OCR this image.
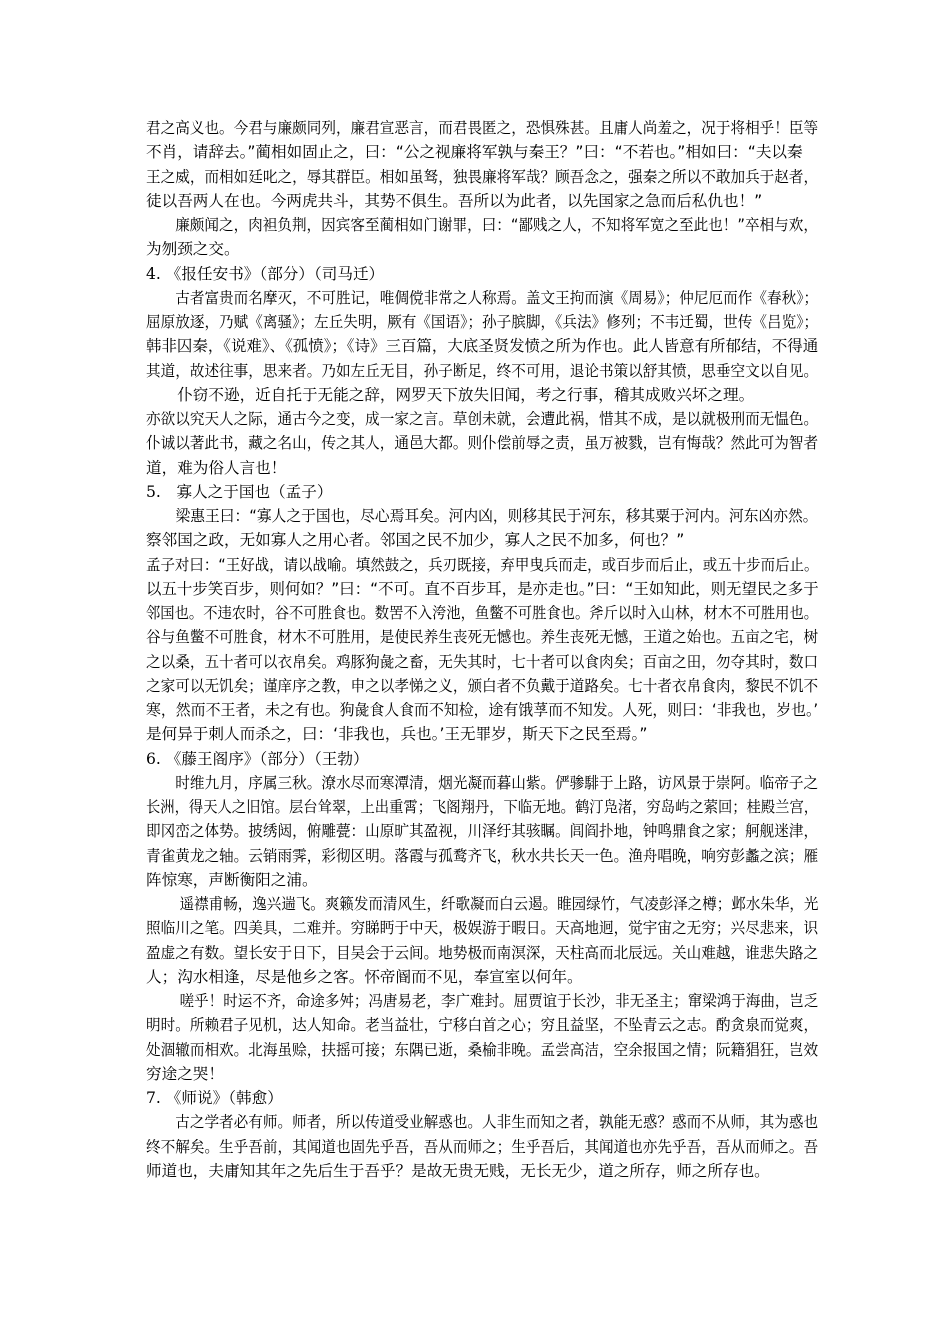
君之高义也。今君与廉颇同列，廉君宣恶言，而君畏匿之，恐惧殊甚。且庸人尚羞之，况于将相乎！臣等
不肖，请辞去。”蔺相如固止之，曰：“公之视廉将军孰与秦王？”曰：“不若也。”相如曰：“夫以秦
王之威，而相如廷叱之，辱其群臣。相如虽驽，独畏廉将军哉？顾吾念之，强秦之所以不敢加兵于赵者，
徒以吾两人在也。今两虎共斗，其势不俱生。吾所以为此者，以先国家之急而后私仇也！”
　　廉颇闻之，肉袒负荆，因宾客至蔺相如门谢罪，曰：“鄙贱之人，不知将军宽之至此也！”卒相与欢，
为刎颈之交。
4. 《报任安书》（部分）（司马迁）
　　古者富贵而名摩灭，不可胜记，唯倜傥非常之人称焉。盖文王拘而演《周易》；仲尼厄而作《春秋》；
屈原放逐，乃赋《离骚》；左丘失明，厥有《国语》；孙子膑脚，《兵法》修列；不韦迁蜀，世传《吕览》；
韩非囚秦，《说难》、《孤愤》；《诗》三百篇，大底圣贤发愤之所为作也。此人皆意有所郁结，不得通
其道，故述往事，思来者。乃如左丘无目，孙子断足，终不可用，退论书策以舒其愤，思垂空文以自见。
　　仆窃不逊，近自托于无能之辞，网罗天下放失旧闻，考之行事，稽其成败兴坏之理。
亦欲以究天人之际，通古今之变，成一家之言。草创未就，会遭此祸，惜其不成，是以就极刑而无愠色。
仆诚以著此书，藏之名山，传之其人，通邑大都。则仆偿前辱之责，虽万被戮，岂有悔哉？然此可为智者
道，难为俗人言也！
5.　寡人之于国也（孟子）
　　梁惠王曰：“寡人之于国也，尽心焉耳矣。河内凶，则移其民于河东，移其粟于河内。河东凶亦然。
察邻国之政，无如寡人之用心者。邻国之民不加少，寡人之民不加多，何也？”
孟子对曰：“王好战，请以战喻。填然鼓之，兵刃既接，弃甲曳兵而走，或百步而后止，或五十步而后止。
以五十步笑百步，则何如？”曰：“不可。直不百步耳，是亦走也。”曰：“王如知此，则无望民之多于
邻国也。不违农时，谷不可胜食也。数罟不入洿池，鱼鳖不可胜食也。斧斤以时入山林，材木不可胜用也。
谷与鱼鳖不可胜食，材木不可胜用，是使民养生丧死无憾也。养生丧死无憾，王道之始也。五亩之宅，树
之以桑，五十者可以衣帛矣。鸡豚狗彘之畜，无失其时，七十者可以食肉矣；百亩之田，勿夺其时，数口
之家可以无饥矣；谨庠序之教，申之以孝悌之义，颁白者不负戴于道路矣。七十者衣帛食肉，黎民不饥不
寒，然而不王者，未之有也。狗彘食人食而不知检，途有饿莩而不知发。人死，则曰：‘非我也，岁也。’
是何异于刺人而杀之，曰：‘非我也，兵也。’王无罪岁，斯天下之民至焉。”
6. 《藤王阁序》（部分）（王勃）
　　时维九月，序属三秋。潦水尽而寒潭清，烟光凝而暮山紫。俨骖騑于上路，访风景于崇阿。临帝子之
长洲，得天人之旧馆。层台耸翠，上出重霄；飞阁翔丹，下临无地。鹤汀凫渚，穷岛屿之萦回；桂殿兰宫，
即冈峦之体势。披绣闼，俯雕甍：山原旷其盈视，川泽纡其骇瞩。闾阎扑地，钟鸣鼎食之家；舸舰迷津，
青雀黄龙之轴。云销雨霁，彩彻区明。落霞与孤鹜齐飞，秋水共长天一色。渔舟唱晚，响穷彭蠡之滨；雁
阵惊寒，声断衡阳之浦。
　　 遥襟甫畅，逸兴遄飞。爽籁发而清风生，纤歌凝而白云遏。睢园绿竹，气凌彭泽之樽；邺水朱华，光
照临川之笔。四美具，二难并。穷睇眄于中天，极娱游于暇日。天高地迥，觉宇宙之无穷；兴尽悲来，识
盈虚之有数。望长安于日下，目吴会于云间。地势极而南溟深，天柱高而北辰远。关山难越，谁悲失路之
人；沟水相逢，尽是他乡之客。怀帝阍而不见，奉宣室以何年。
　　 嗟乎！时运不齐，命途多舛；冯唐易老，李广难封。屈贾谊于长沙，非无圣主；窜梁鸿于海曲，岂乏
明时。所赖君子见机，达人知命。老当益壮，宁移白首之心；穷且益坚，不坠青云之志。酌贪泉而觉爽，
处涸辙而相欢。北海虽赊，扶摇可接；东隅已逝，桑榆非晚。孟尝高洁，空余报国之情；阮籍猖狂，岂效
穷途之哭！
7. 《师说》（韩愈）
　　古之学者必有师。师者，所以传道受业解惑也。人非生而知之者，孰能无惑？惑而不从师，其为惑也
终不解矣。生乎吾前，其闻道也固先乎吾，吾从而师之；生乎吾后，其闻道也亦先乎吾，吾从而师之。吾
师道也，夫庸知其年之先后生于吾乎？是故无贵无贱，无长无少，道之所存，师之所存也。
